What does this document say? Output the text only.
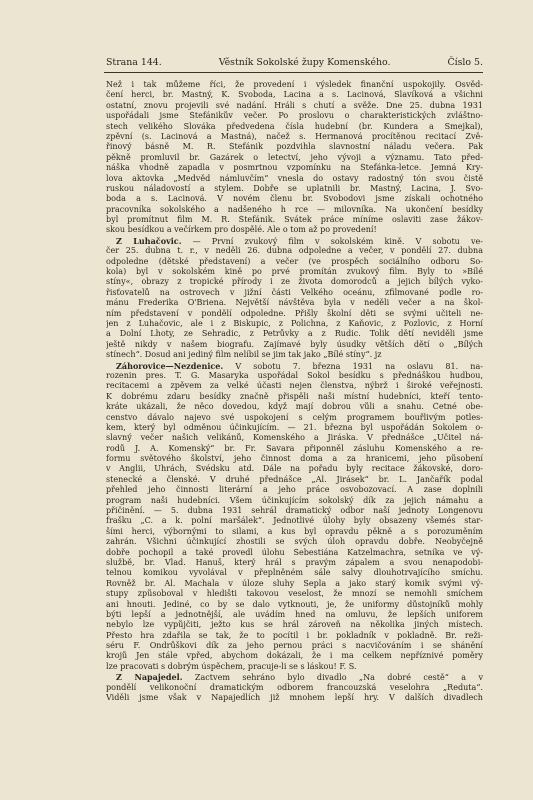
Strana 144.	Věstník Sokolské župy Komenského.	Číslo 5.
Než i tak můžeme říci, že provedení i výsledek finanční uspokojily. Osvěd-
čení herci, br. Mastný, K. Svoboda, Lacina a s. Lacinová, Slavíková a všichni
ostatní, znovu projevili své nadání. Hráli s chutí a svěže. Dne 25. dubna 1931
uspořádali jsme Štefánikův večer. Po proslovu o charakteristických zvláštno-
stech velikého Slováka předvedena čísla hudební (br. Kundera a Smejkal),
zpěvní (s. Lacinová a Mastná), načež s. Hermanová procítěnou recitací Zvě-
řinový básně M. R. Štefánik pozdvihla slavnostní náladu večera. Pak
pěkně promluvil br. Gazárek o letectví, jeho vývoji a významu. Tato před-
náška vhodně zapadla v posmrtnou vzpomínku na Štefánka-letce. Jemná Kry-
lova aktovka „Medvěd námluvčím“ vnesla do ostavy radostný tón svou čistě
ruskou náladovostí a stylem. Dobře se uplatnili br. Mastný, Lacina, J. Svo-
boda a s. Lacinová. V novém členu br. Svobodovi jsme získali ochotného
pracovníka sokolského a nadšeného h rce — milovníka. Na ukončení besídky
byl promítnut film M. R. Štefánik. Svátek práce míníme oslaviti zase žákov-
skou besídkou a večírkem pro dospělé. Ale o tom až po provedení!
Z Luhačovic. — První zvukový film v sokolském kině. V sobotu ve-
čer 25. dubna t. r., v neděli 26. dubna odpoledne a večer, v pondělí 27. dubna
odpoledne (dětské představení) a večer (ve prospěch sociálního odboru So-
kola) byl v sokolském kině po prvé promítán zvukový film. Byly to »Bílé
stíny«, obrazy z tropické přírody i ze života domorodců a jejich bílých vyko-
řisťovatelů na ostrovech v jižní části Velkého oceánu, zfilmované podle ro-
mánu Frederika O'Briena. Největší návštěva byla v neděli večer a na škol-
ním představení v pondělí odpoledne. Přišly školní děti se svými učiteli ne-
jen z Luhačovic, ale i z Biskupic, z Polichna, z Kaňovic, z Pozlovic, z Horní
a Dolní Lhoty, ze Sehradic, z Petrůvky a z Rudic. Tolik dětí neviděli jsme
ještě nikdy v našem biografu. Zajímavé byly úsudky větších dětí o „Bílých
stínech“. Dosud ani jediný film nelíbil se jim tak jako „Bílé stíny“. jz
Záhorovice—Nezdenice. V sobotu 7. března 1931 na oslavu 81. na-
rozenin pres. T. G. Masaryka uspořádal Sokol besídku s přednáškou hudbou,
recitacemi a zpěvem za velké účasti nejen členstva, nýbrž i široké veřejnosti.
K dobrému zdaru besídky značně přispěli naši místní hudebníci, kteří tento-
kráte ukázali, že něco dovedou, když mají dobrou vůli a snahu. Četné obe-
censtvo dávalo najevo své uspokojení s celým programem bouřlivým potles-
kem, který byl odměnou účinkujícím. — 21. března byl uspořádán Sokolem o-
slavný večer našich velikánů, Komenského a Jiráska. V přednášce „Učitel ná-
rodů J. A. Komenský“ br. Fr. Savara připonněl zásluhu Komenského a re-
formu světového školství, jeho činnost doma a za hranicemi, jeho působení
v Anglii, Uhrách, Švédsku atd. Dále na pořadu byly recitace žákovské, doro-
stenecké a členské. V druhé přednášce „Al. Jirásek“ br. L. Jančařík podal
přehled jeho činnosti literární a jeho práce osvobozovací. A zase doplnili
program naši hudebníci. Všem účinkujícím sokolský dík za jejich námahu a
přičinění. — 5. dubna 1931 sehrál dramatický odbor naší jednoty Longenovu
frašku „C. a k. polní maršálek“. Jednotlivé úlohy byly obsazeny všemés star-
šími herci, výbornými to silami, a kus byl opravdu pěkně a s porozuměním
zahrán. Všichni účinkující zhostili se svých úloh opravdu dobře. Neobyčejně
dobře pochopil a také provedl úlohu Šebestiána Katzelmachra, setníka ve vý-
službě, br. Vlad. Hanuš, který hrál s pravým zápalem a svou nenapodobi-
telnou komikou vyvolával v přeplněném sále salvy dlouhotrvajícího smíchu.
Rovněž br. Al. Machala v úloze sluhy Sepla a jako starý komik svými vý-
stupy způsoboval v hledišti takovou veselost, že mnozí se nemohli smíchem
ani hnouti. Jediné, co by se dalo vytknouti, je, že uniformy důstojníků mohly
býti lepší a jednotnější, ale uvádím hned na omluvu, že lepších uniforem
nebylo lze vypůjčiti, ježto kus se hrál zároveň na několika jiných místech.
Přesto hra zdařila se tak, že to pocítil i br. pokladník v pokladně. Br. reži-
séru F. Ondrůškovi dík za jeho pernou práci s nacvičováním i se shánění
krojů Jen stále vpřed, abychom dokázali, že i ma celkem nepříznivé poměry
lze pracovati s dobrým úspěchem, pracuje-li se s láskou! F. S.
Z Napajedel. Zactvem sehráno bylo divadlo „Na dobré cestě“ a v
pondělí velikonoční dramatickým odborem francouzská veselohra „Reduta“.
Viděli jsme však v Napajedlích již mnohem lepší hry. V dalších divadlech
